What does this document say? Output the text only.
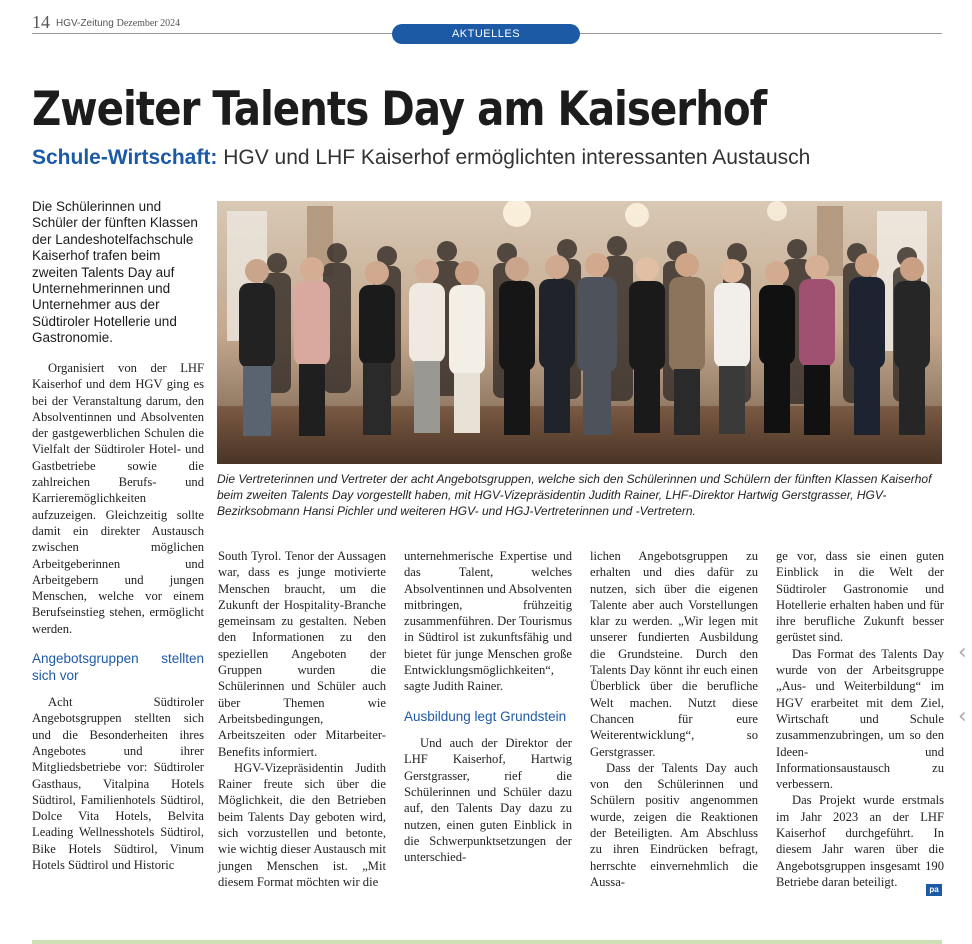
14 HGV-Zeitung Dezember 2024
AKTUELLES
Zweiter Talents Day am Kaiserhof
Schule-Wirtschaft: HGV und LHF Kaiserhof ermöglichten interessanten Austausch
Die Schülerinnen und Schüler der fünften Klassen der Landeshotelfachschule Kaiserhof trafen beim zweiten Talents Day auf Unternehmerinnen und Unternehmer aus der Südtiroler Hotellerie und Gastronomie.

Organisiert von der LHF Kaiserhof und dem HGV ging es bei der Veranstaltung darum, den Absolventinnen und Absolventen der gastgewerblichen Schulen die Vielfalt der Südtiroler Hotel- und Gastbetriebe sowie die zahlreichen Berufs- und Karrieremöglichkeiten aufzuzeigen. Gleichzeitig sollte damit ein direkter Austausch zwischen möglichen Arbeitgeberinnen und Arbeitgebern und jungen Menschen, welche vor einem Berufseinstieg stehen, ermöglicht werden.

Angebotsgruppen stellten sich vor

Acht Südtiroler Angebotsgruppen stellten sich und die Besonderheiten ihres Angebotes und ihrer Mitgliedsbetriebe vor: Südtiroler Gasthaus, Vitalpina Hotels Südtirol, Familienhotels Südtirol, Dolce Vita Hotels, Belvita Leading Wellnesshotels Südtirol, Bike Hotels Südtirol, Vinum Hotels Südtirol und Historic

Die Vertreterinnen und Vertreter der acht Angebotsgruppen, welche sich den Schülerinnen und Schülern der fünften Klassen Kaiserhof beim zweiten Talents Day vorgestellt haben, mit HGV-Vizepräsidentin Judith Rainer, LHF-Direktor Hartwig Gerstgrasser, HGV-Bezirksobmann Hansi Pichler und weiteren HGV- und HGJ-Vertreterinnen und -Vertretern.

South Tyrol. Tenor der Aussagen war, dass es junge motivierte Menschen braucht, um die Zukunft der Hospitality-Branche gemeinsam zu gestalten. Neben den Informationen zu den speziellen Angeboten der Gruppen wurden die Schülerinnen und Schüler auch über Themen wie Arbeitsbedingungen, Arbeitszeiten oder Mitarbeiter-Benefits informiert.

HGV-Vizepräsidentin Judith Rainer freute sich über die Möglichkeit, die den Betrieben beim Talents Day geboten wird, sich vorzustellen und betonte, wie wichtig dieser Austausch mit jungen Menschen ist. „Mit diesem Format möchten wir die

unternehmerische Expertise und das Talent, welches Absolventinnen und Absolventen mitbringen, frühzeitig zusammenführen. Der Tourismus in Südtirol ist zukunftsfähig und bietet für junge Menschen große Entwicklungsmöglichkeiten“, sagte Judith Rainer.

Ausbildung legt Grundstein

Und auch der Direktor der LHF Kaiserhof, Hartwig Gerstgrasser, rief die Schülerinnen und Schüler dazu auf, den Talents Day dazu zu nutzen, einen guten Einblick in die Schwerpunktsetzungen der unterschied-

lichen Angebotsgruppen zu erhalten und dies dafür zu nutzen, sich über die eigenen Talente aber auch Vorstellungen klar zu werden. „Wir legen mit unserer fundierten Ausbildung die Grundsteine. Durch den Talents Day könnt ihr euch einen Überblick über die berufliche Welt machen. Nutzt diese Chancen für eure Weiterentwicklung“, so Gerstgrasser.

Dass der Talents Day auch von den Schülerinnen und Schülern positiv angenommen wurde, zeigen die Reaktionen der Beteiligten. Am Abschluss zu ihren Eindrücken befragt, herrschte einvernehmlich die Aussa-

ge vor, dass sie einen guten Einblick in die Welt der Südtiroler Gastronomie und Hotellerie erhalten haben und für ihre berufliche Zukunft besser gerüstet sind.

Das Format des Talents Day wurde von der Arbeitsgruppe „Aus- und Weiterbildung“ im HGV erarbeitet mit dem Ziel, Wirtschaft und Schule zusammenzubringen, um so den Ideen- und Informationsaustausch zu verbessern.

Das Projekt wurde erstmals im Jahr 2023 an der LHF Kaiserhof durchgeführt. In diesem Jahr waren über die Angebotsgruppen insgesamt 190 Betriebe daran beteiligt.

pa
‹
‹
